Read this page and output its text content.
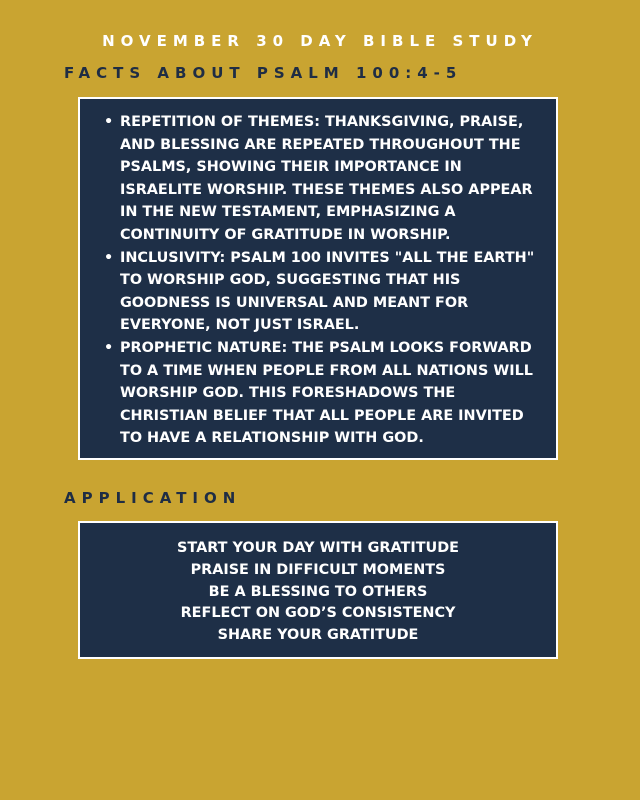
NOVEMBER 30 DAY BIBLE STUDY
FACTS ABOUT PSALM 100:4-5
• REPETITION OF THEMES: THANKSGIVING, PRAISE, AND BLESSING ARE REPEATED THROUGHOUT THE PSALMS, SHOWING THEIR IMPORTANCE IN ISRAELITE WORSHIP. THESE THEMES ALSO APPEAR IN THE NEW TESTAMENT, EMPHASIZING A CONTINUITY OF GRATITUDE IN WORSHIP.
• INCLUSIVITY: PSALM 100 INVITES "ALL THE EARTH" TO WORSHIP GOD, SUGGESTING THAT HIS GOODNESS IS UNIVERSAL AND MEANT FOR EVERYONE, NOT JUST ISRAEL.
• PROPHETIC NATURE: THE PSALM LOOKS FORWARD TO A TIME WHEN PEOPLE FROM ALL NATIONS WILL WORSHIP GOD. THIS FORESHADOWS THE CHRISTIAN BELIEF THAT ALL PEOPLE ARE INVITED TO HAVE A RELATIONSHIP WITH GOD.
APPLICATION
START YOUR DAY WITH GRATITUDE
PRAISE IN DIFFICULT MOMENTS
BE A BLESSING TO OTHERS
REFLECT ON GOD’S CONSISTENCY
SHARE YOUR GRATITUDE
